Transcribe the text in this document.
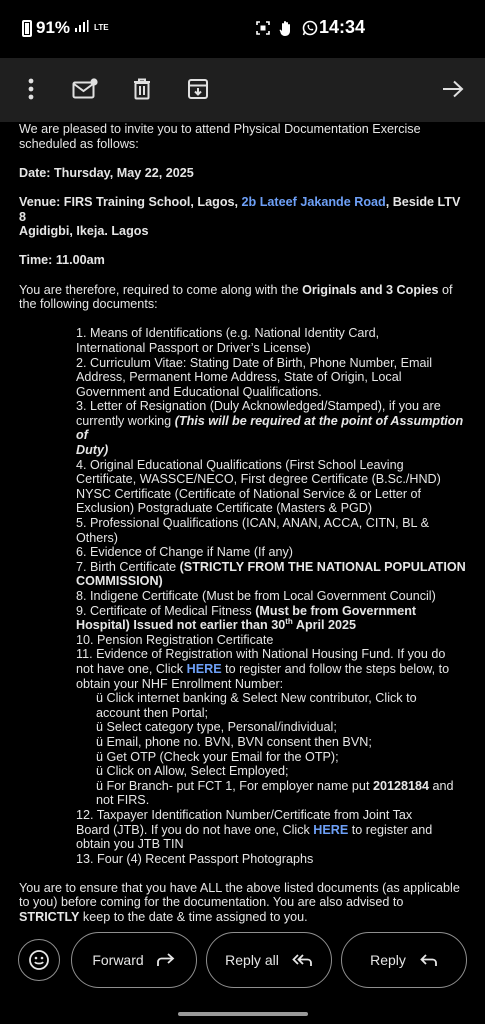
91%	LTE	14:34

We are pleased to invite you to attend Physical Documentation Exercise

scheduled as follows:

Date: Thursday, May 22, 2025

Venue: FIRS Training School, Lagos, 2b Lateef Jakande Road, Beside LTV 8

Agidigbi, Ikeja. Lagos

Time: 11.00am

You are therefore, required to come along with the Originals and 3 Copies of

the following documents:

1. Means of Identifications (e.g. National Identity Card,
International Passport or Driver’s License)
2. Curriculum Vitae: Stating Date of Birth, Phone Number, Email
Address, Permanent Home Address, State of Origin, Local
Government and Educational Qualifications.
3. Letter of Resignation (Duly Acknowledged/Stamped), if you are
currently working (This will be required at the point of Assumption of
Duty)
4. Original Educational Qualifications (First School Leaving
Certificate, WASSCE/NECO, First degree Certificate (B.Sc./HND)
NYSC Certificate (Certificate of National Service & or Letter of
Exclusion) Postgraduate Certificate (Masters & PGD)
5. Professional Qualifications (ICAN, ANAN, ACCA, CITN, BL &
Others)
6. Evidence of Change if Name (If any)
7. Birth Certificate (STRICTLY FROM THE NATIONAL POPULATION
COMMISSION)
8. Indigene Certificate (Must be from Local Government Council)
9. Certificate of Medical Fitness (Must be from Government
Hospital) Issued not earlier than 30th April 2025
10. Pension Registration Certificate
11. Evidence of Registration with National Housing Fund. If you do
not have one, Click HERE to register and follow the steps below, to
obtain your NHF Enrollment Number:
ü Click internet banking & Select New contributor, Click to
account then Portal;
ü Select category type, Personal/individual;
ü Email, phone no. BVN, BVN consent then BVN;
ü Get OTP (Check your Email for the OTP);
ü Click on Allow, Select Employed;
ü For Branch- put FCT 1, For employer name put 20128184 and
not FIRS.
12. Taxpayer Identification Number/Certificate from Joint Tax
Board (JTB). If you do not have one, Click HERE to register and
obtain you JTB TIN
13. Four (4) Recent Passport Photographs

You are to ensure that you have ALL the above listed documents (as applicable

to you) before coming for the documentation. You are also advised to

STRICTLY keep to the date & time assigned to you.

Forward	Reply all	Reply
